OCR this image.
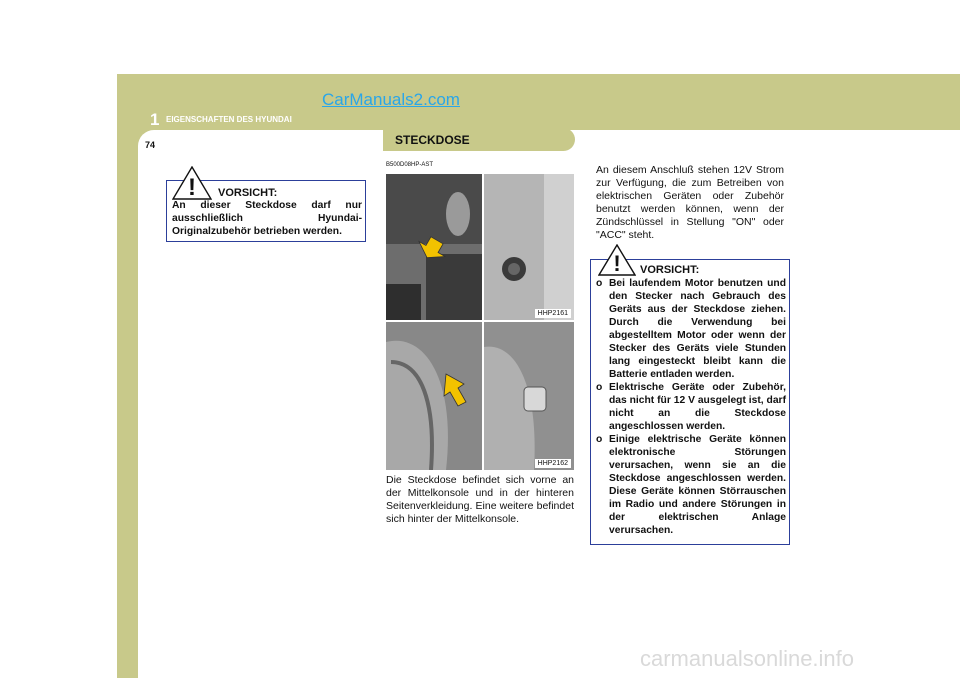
1 EIGENSCHAFTEN DES HYUNDAI
CarManuals2.com
74	STECKDOSE
B500D08HP-AST
! VORSICHT:
An dieser Steckdose darf nur ausschließlich Hyundai-Originalzubehör betrieben werden.
HHP2161
HHP2162
Die Steckdose befindet sich vorne an der Mittelkonsole und in der hinteren Seitenverkleidung. Eine weitere befindet sich hinter der Mittelkonsole.
An diesem Anschluß stehen 12V Strom zur Verfügung, die zum Betreiben von elektrischen Geräten oder Zubehör benutzt werden können, wenn der Zündschlüssel in Stellung "ON" oder "ACC" steht.
! VORSICHT:
o Bei laufendem Motor benutzen und den Stecker nach Gebrauch des Geräts aus der Steckdose ziehen. Durch die Verwendung bei abgestelltem Motor oder wenn der Stecker des Geräts viele Stunden lang eingesteckt bleibt kann die Batterie entladen werden.
o Elektrische Geräte oder Zubehör, das nicht für 12 V ausgelegt ist, darf nicht an die Steckdose angeschlossen werden.
o Einige elektrische Geräte können elektronische Störungen verursachen, wenn sie an die Steckdose angeschlossen werden. Diese Geräte können Störrauschen im Radio und andere Störungen in der elektrischen Anlage verursachen.
carmanualsonline.info
